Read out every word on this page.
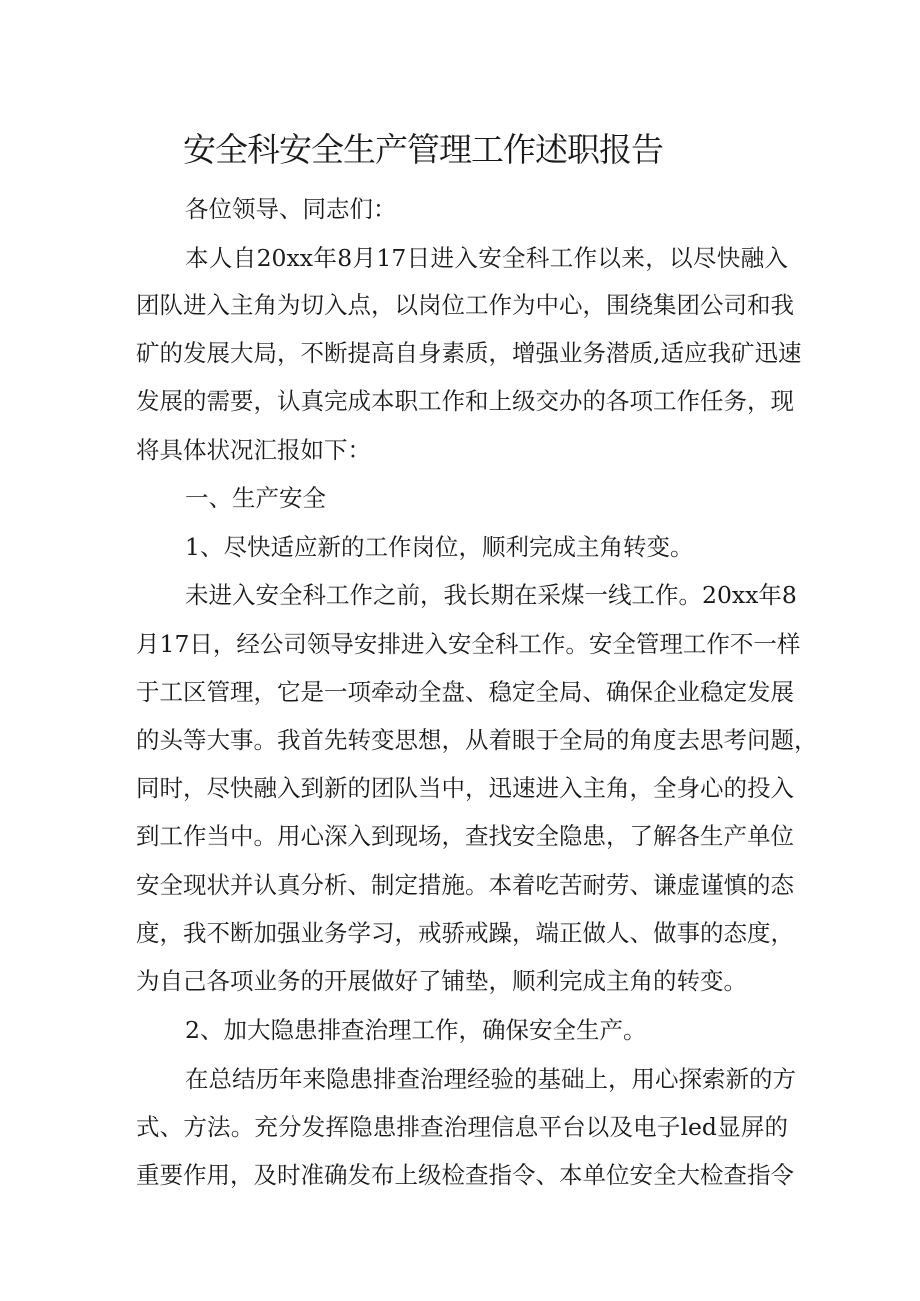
安全科安全生产管理工作述职报告

各位领导、同志们：

本人自20xx年8月17日进入安全科工作以来，以尽快融入

团队进入主角为切入点，以岗位工作为中心，围绕集团公司和我

矿的发展大局，不断提高自身素质，增强业务潜质,适应我矿迅速

发展的需要，认真完成本职工作和上级交办的各项工作任务，现

将具体状况汇报如下：

一、生产安全

1、尽快适应新的工作岗位，顺利完成主角转变。

未进入安全科工作之前，我长期在采煤一线工作。20xx年8

月17日，经公司领导安排进入安全科工作。安全管理工作不一样

于工区管理，它是一项牵动全盘、稳定全局、确保企业稳定发展

的头等大事。我首先转变思想，从着眼于全局的角度去思考问题，

同时，尽快融入到新的团队当中，迅速进入主角，全身心的投入

到工作当中。用心深入到现场，查找安全隐患，了解各生产单位

安全现状并认真分析、制定措施。本着吃苦耐劳、谦虚谨慎的态

度，我不断加强业务学习，戒骄戒躁，端正做人、做事的态度，

为自己各项业务的开展做好了铺垫，顺利完成主角的转变。

2、加大隐患排查治理工作，确保安全生产。

在总结历年来隐患排查治理经验的基础上，用心探索新的方

式、方法。充分发挥隐患排查治理信息平台以及电子led显屏的

重要作用，及时准确发布上级检查指令、本单位安全大检查指令
